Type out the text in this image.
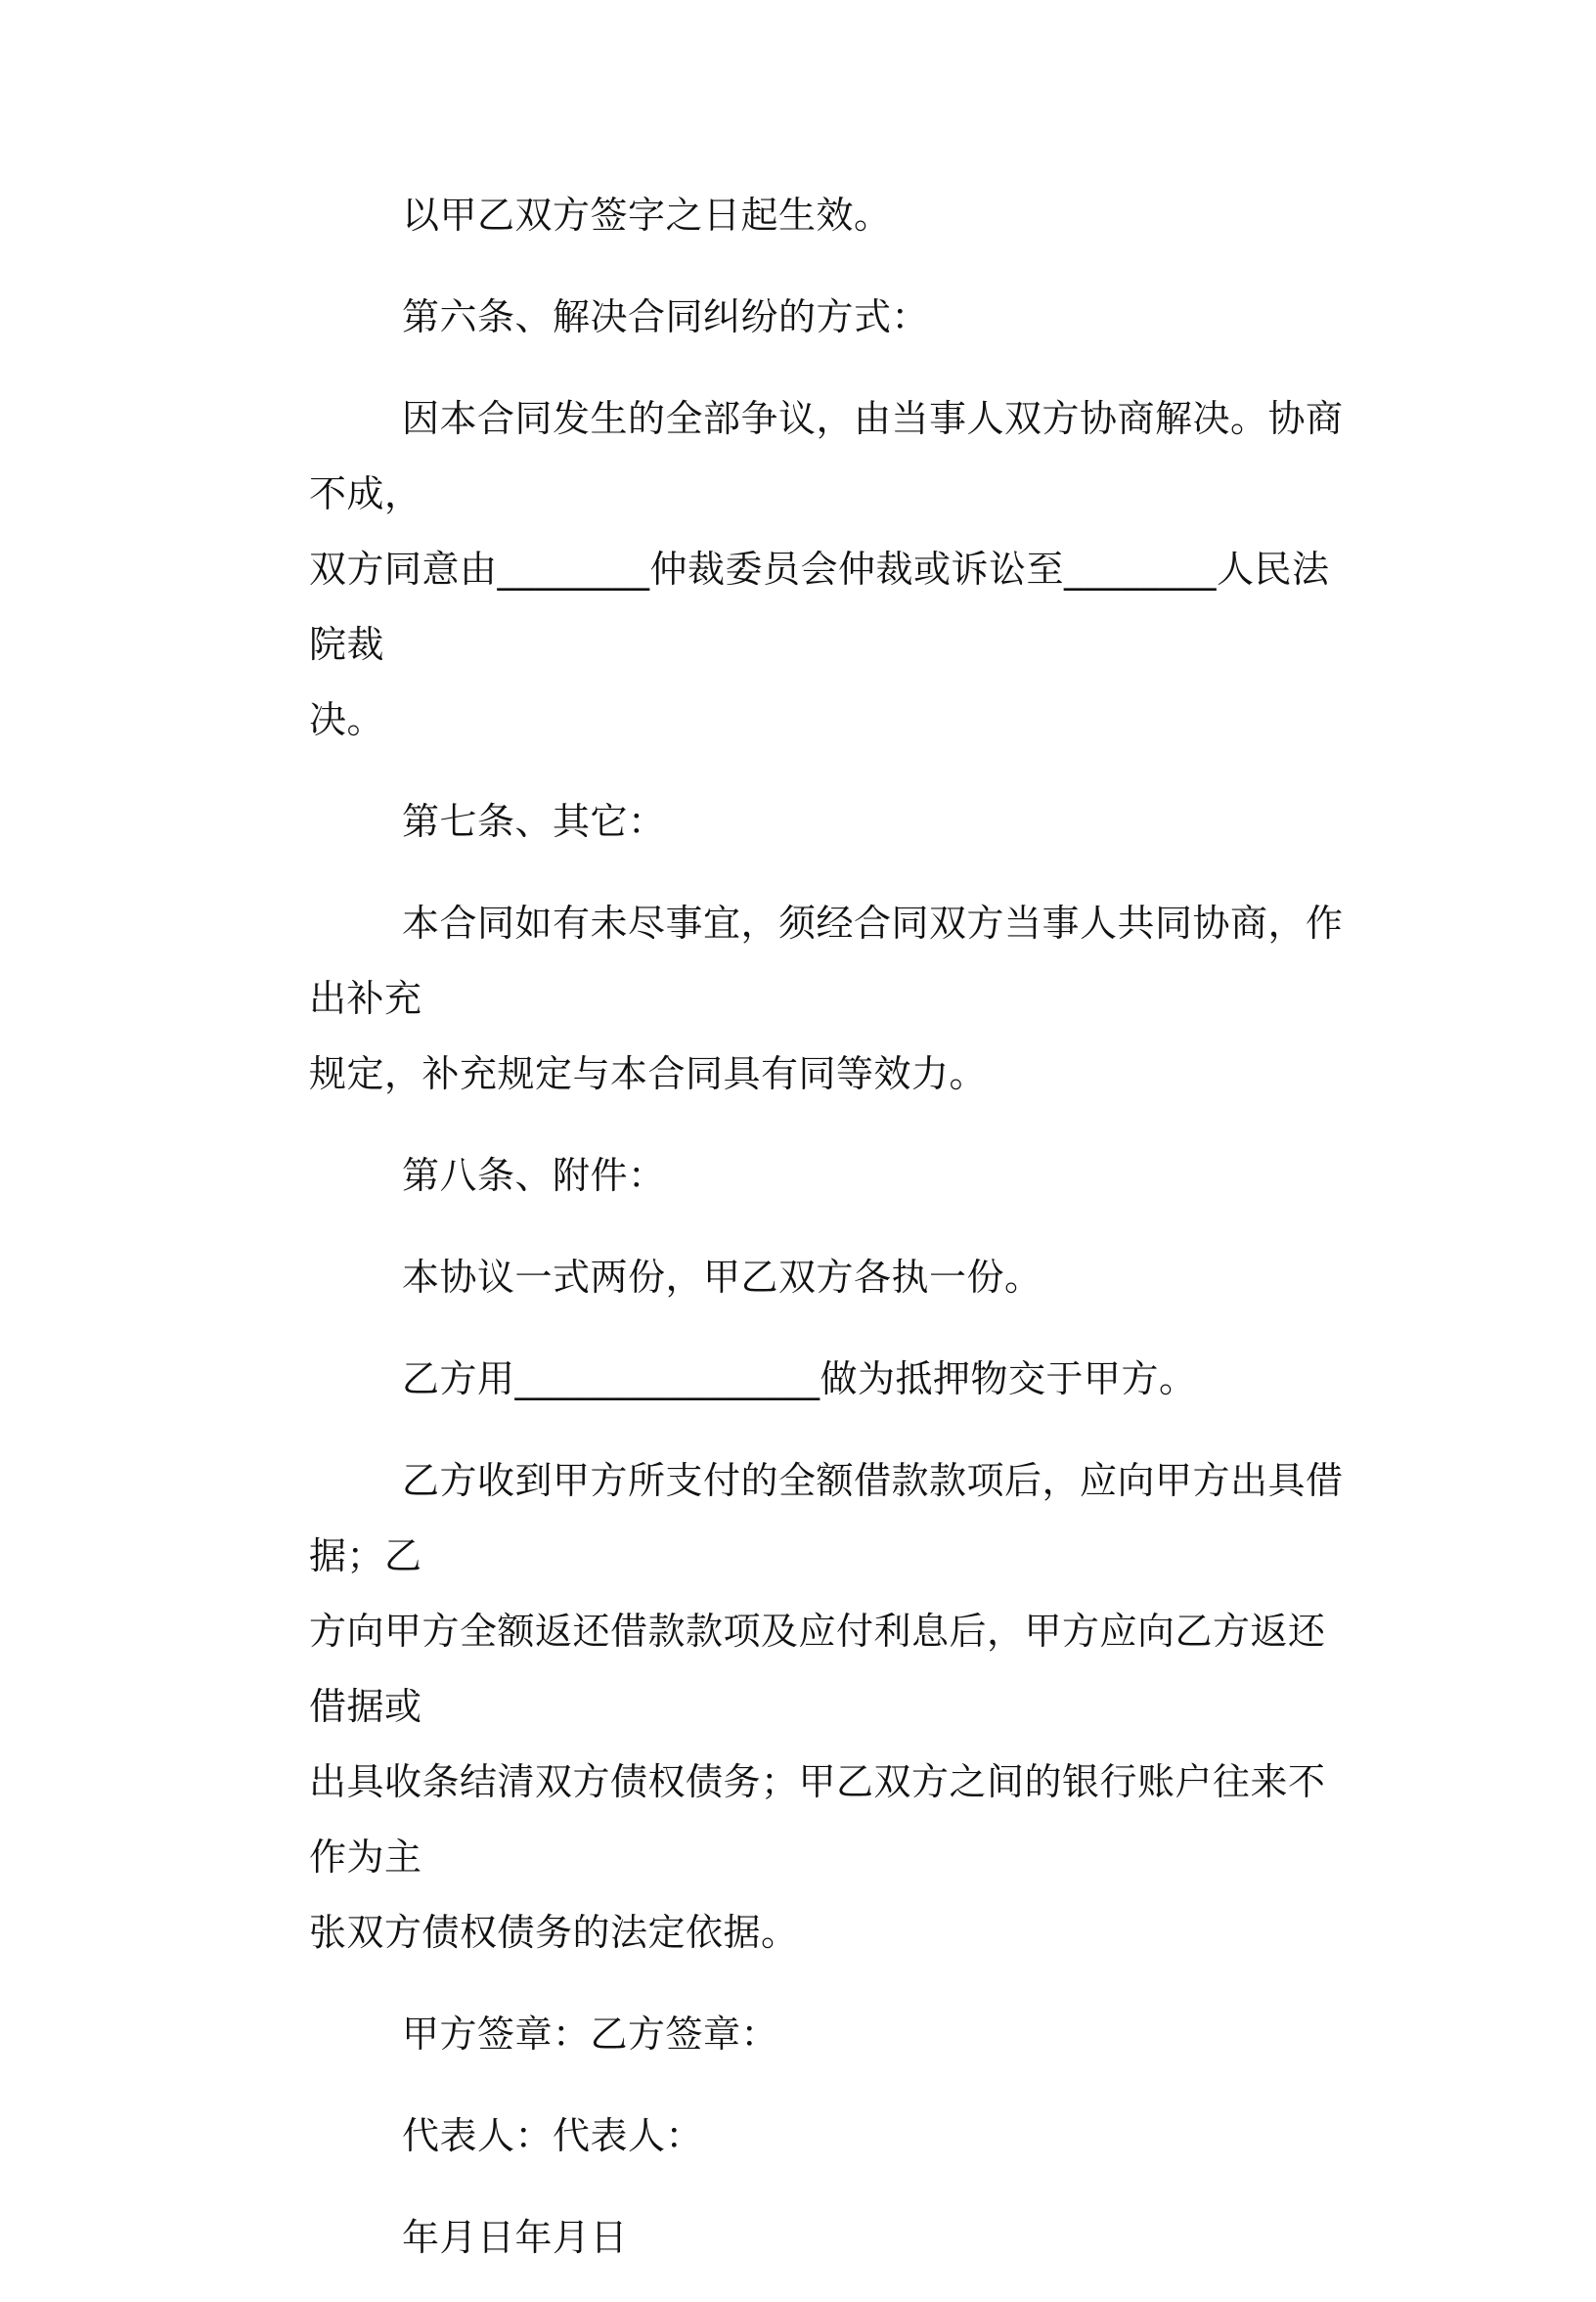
以甲乙双方签字之日起生效。

第六条、解决合同纠纷的方式：

因本合同发生的全部争议，由当事人双方协商解决。协商不成，
双方同意由________仲裁委员会仲裁或诉讼至________人民法院裁
决。

第七条、其它：

本合同如有未尽事宜，须经合同双方当事人共同协商，作出补充
规定，补充规定与本合同具有同等效力。

第八条、附件：

本协议一式两份，甲乙双方各执一份。

乙方用________________做为抵押物交于甲方。

乙方收到甲方所支付的全额借款款项后，应向甲方出具借据；乙
方向甲方全额返还借款款项及应付利息后，甲方应向乙方返还借据或
出具收条结清双方债权债务；甲乙双方之间的银行账户往来不作为主
张双方债权债务的法定依据。

甲方签章：乙方签章：

代表人：代表人：

年月日年月日
